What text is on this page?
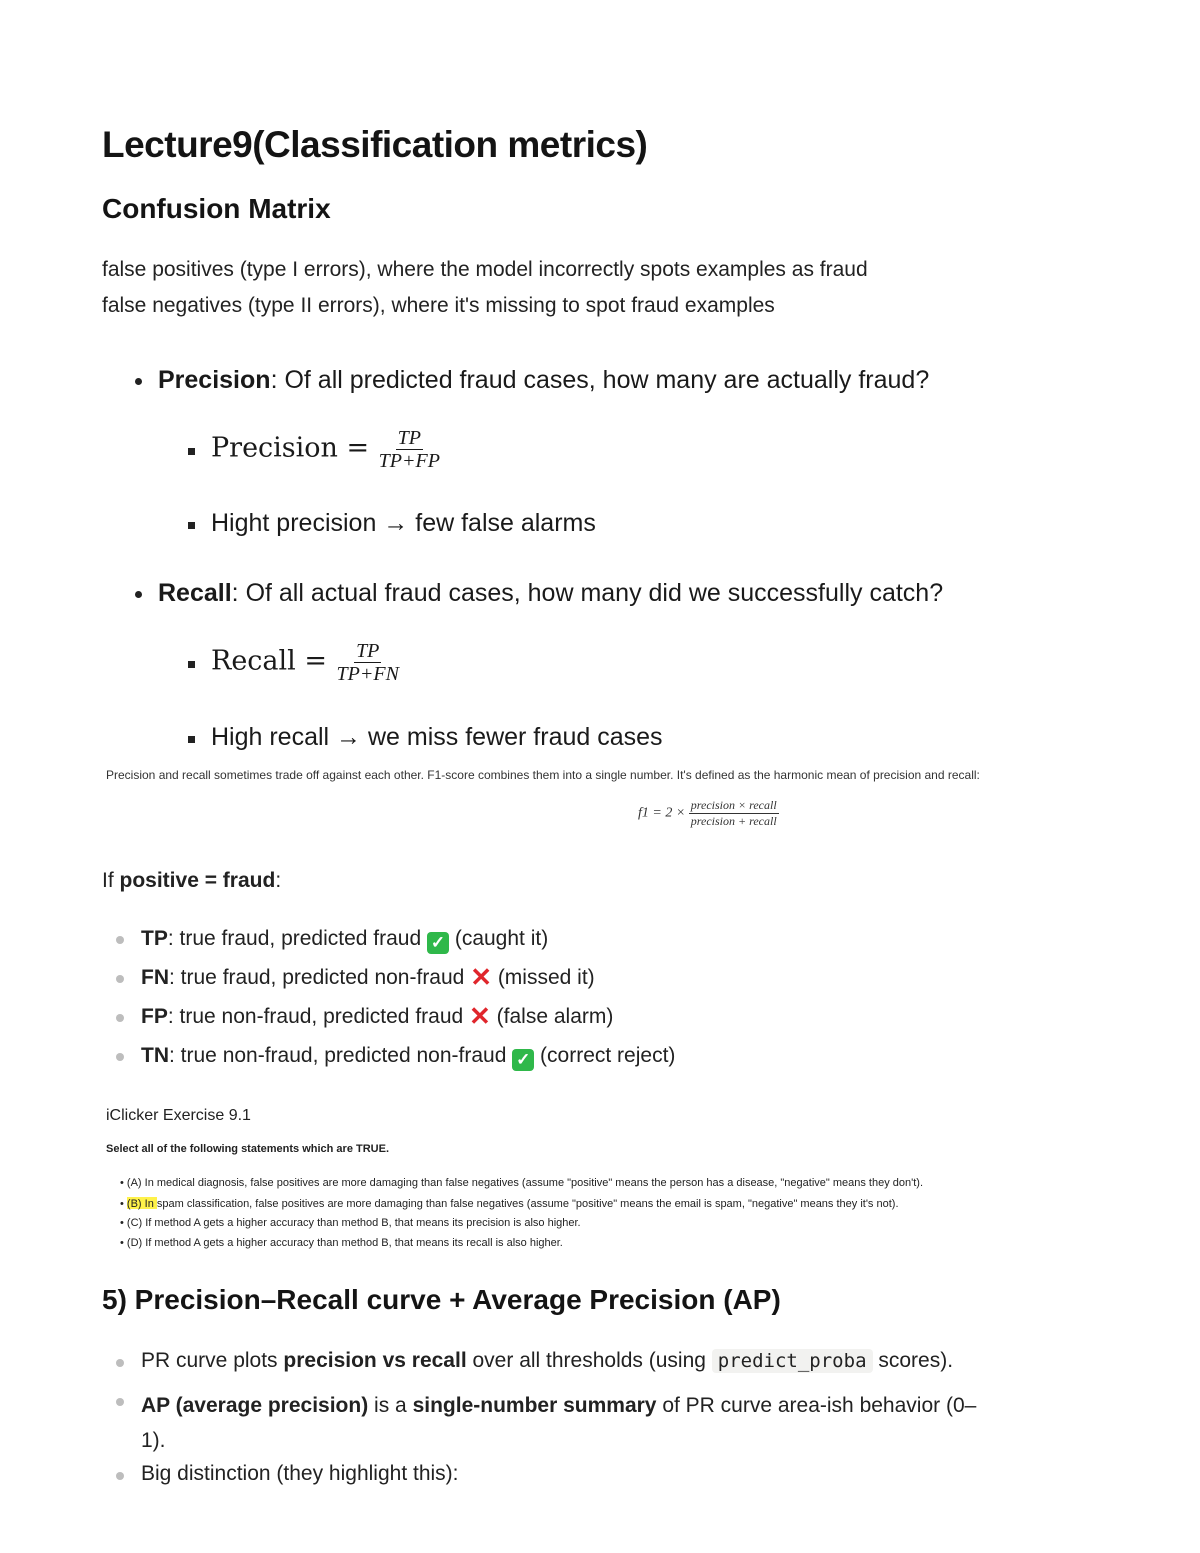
Lecture9(Classification metrics)
Confusion Matrix
false positives (type I errors), where the model incorrectly spots examples as fraud
false negatives (type II errors), where it's missing to spot fraud examples
Precision: Of all predicted fraud cases, how many are actually fraud?
Precision = $\frac{TP}{TP+FP}$
Hight precision → few false alarms
Recall: Of all actual fraud cases, how many did we successfully catch?
Recall = $\frac{TP}{TP+FN}$
High recall → we miss fewer fraud cases
Precision and recall sometimes trade off against each other. F1-score combines them into a single number. It's defined as the harmonic mean of precision and recall:
f1 = 2 ×
precision × recall
precision + recall
If positive = fraud:
TP: true fraud, predicted fraud ✓ (caught it)
FN: true fraud, predicted non-fraud ✕ (missed it)
FP: true non-fraud, predicted fraud ✕ (false alarm)
TN: true non-fraud, predicted non-fraud ✓ (correct reject)
iClicker Exercise 9.1
Select all of the following statements which are TRUE.
• (A) In medical diagnosis, false positives are more damaging than false negatives (assume "positive" means the person has a disease, "negative" means they don't).
• (B) In spam classification, false positives are more damaging than false negatives (assume "positive" means the email is spam, "negative" means they it's not).
• (C) If method A gets a higher accuracy than method B, that means its precision is also higher.
• (D) If method A gets a higher accuracy than method B, that means its recall is also higher.
5) Precision–Recall curve + Average Precision (AP)
PR curve plots precision vs recall over all thresholds (using predict_proba scores).
AP (average precision) is a single-number summary of PR curve area-ish behavior (0–
1).
Big distinction (they highlight this):
